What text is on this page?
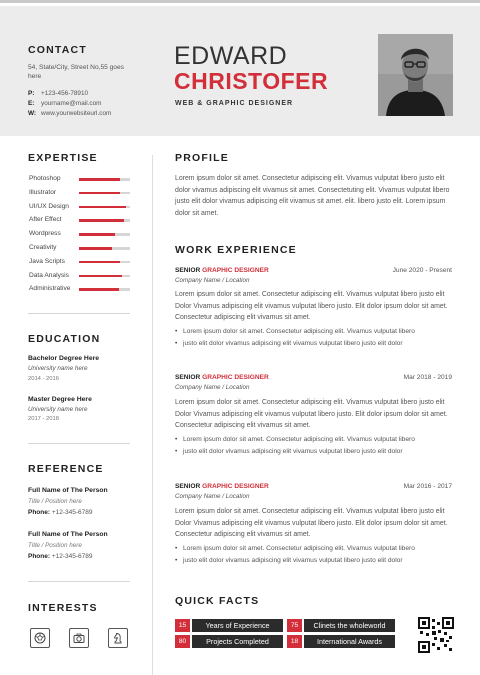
CONTACT
54, State/City, Street No,55 goes here
P: +123-456-78910
E: yourname@mail.com
W: www.yourwebsiteurl.com
EDWARD
CHRISTOFER
WEB & GRAPHIC DESIGNER
EXPERTISE
Photoshop
Illustrator
UI/UX Design
After Effect
Wordpress
Creativity
Java Scripts
Data Analysis
Administrative
EDUCATION
Bachelor Degree Here
University name here
2014 - 2016
Master Degree Here
University name here
2017 - 2018
REFERENCE
Full Name of The Person
Title / Position here
Phone: +12-345-6789
Full Name of The Person
Title / Position here
Phone: +12-345-6789
INTERESTS
PROFILE
Lorem ipsum dolor sit amet. Consectetur adipiscing elit. Vivamus vulputat libero justo elit dolor vivamus adipiscing elit vivamus sit amet. Consectetuting elit. Vivamus vulputat libero justo elit dolor vivamus adipiscing elit vivamus sit amet. elit. libero justo elit. Lorem ipsum dolor sit amet.
WORK EXPERIENCE
SENIOR GRAPHIC DESIGNER	June 2020 - Present
Company Name / Location
Lorem ipsum dolor sit amet. Consectetur adipiscing elit. Vivamus vulputat libero justo elit Dolor Vivamus adipiscing elit vivamus vulputat libero justo. Elit dolor ipsum dolor sit amet. Consectetur adipiscing elit vivamus sit amet.
• Lorem ipsum dolor sit amet. Consectetur adipiscing elit. Vivamus vulputat libero
• justo elit dolor vivamus adipiscing elit vivamus vulputat libero justo elit dolor
SENIOR GRAPHIC DESIGNER	Mar 2018 - 2019
Company Name / Location
Lorem ipsum dolor sit amet. Consectetur adipiscing elit. Vivamus vulputat libero justo elit Dolor Vivamus adipiscing elit vivamus vulputat libero justo. Elit dolor ipsum dolor sit amet. Consectetur adipiscing elit vivamus sit amet.
• Lorem ipsum dolor sit amet. Consectetur adipiscing elit. Vivamus vulputat libero
• justo elit dolor vivamus adipiscing elit vivamus vulputat libero justo elit dolor
SENIOR GRAPHIC DESIGNER	Mar 2016 - 2017
Company Name / Location
Lorem ipsum dolor sit amet. Consectetur adipiscing elit. Vivamus vulputat libero justo elit Dolor Vivamus adipiscing elit vivamus vulputat libero justo. Elit dolor ipsum dolor sit amet. Consectetur adipiscing elit vivamus sit amet.
• Lorem ipsum dolor sit amet. Consectetur adipiscing elit. Vivamus vulputat libero
• justo elit dolor vivamus adipiscing elit vivamus vulputat libero justo elit dolor
QUICK FACTS
15	Years of Experience	75	Clinets the wholeworld
80	Projects Completed	18	International Awards
